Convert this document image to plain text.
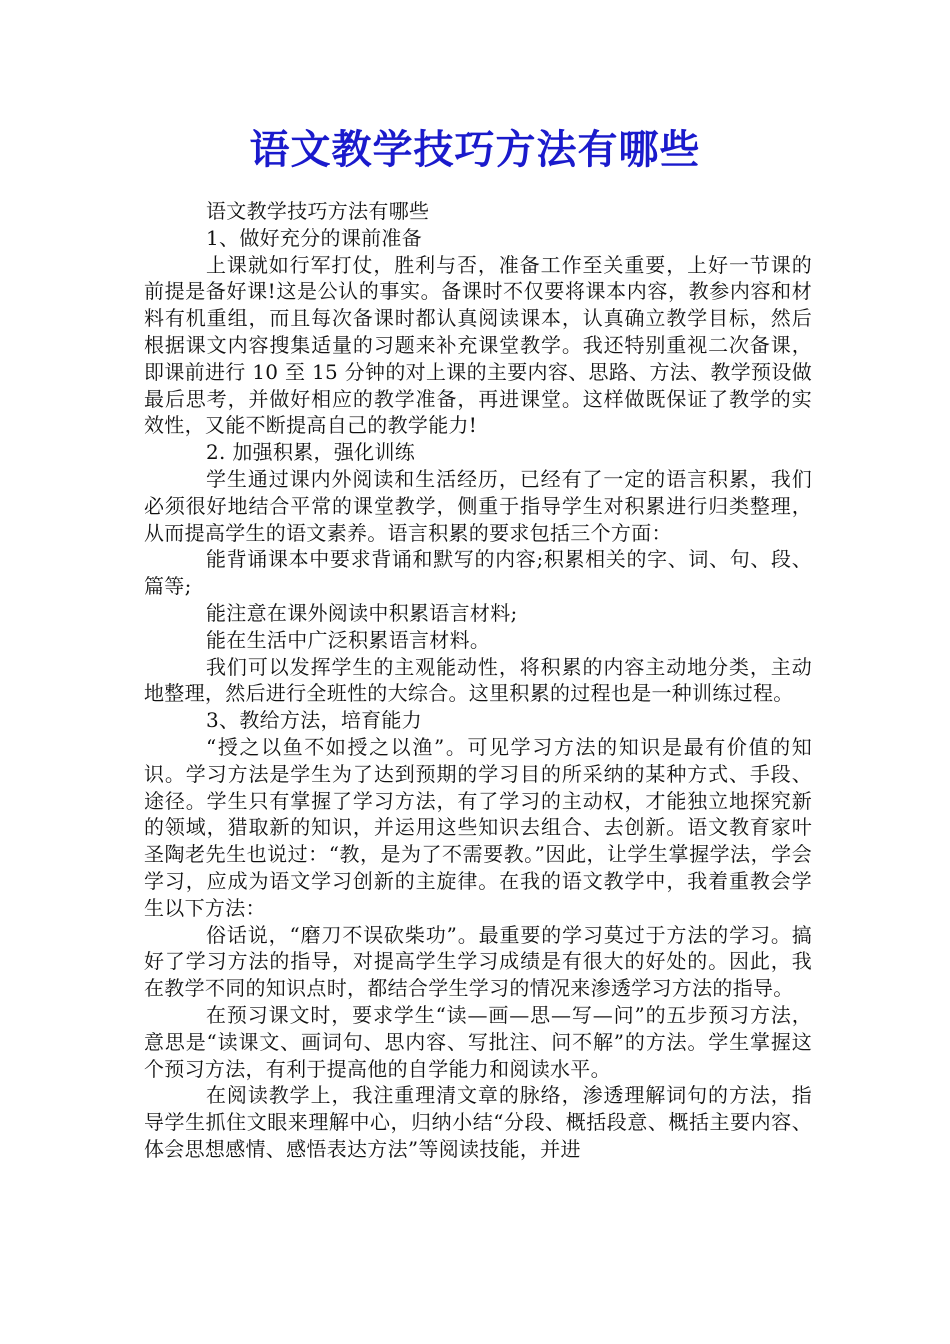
语文教学技巧方法有哪些

语文教学技巧方法有哪些

1、做好充分的课前准备

上课就如行军打仗，胜利与否，准备工作至关重要，上好一节课的前提是备好课!这是公认的事实。备课时不仅要将课本内容，教参内容和材料有机重组，而且每次备课时都认真阅读课本，认真确立教学目标，然后根据课文内容搜集适量的习题来补充课堂教学。我还特别重视二次备课，即课前进行 10 至 15 分钟的对上课的主要内容、思路、方法、教学预设做最后思考，并做好相应的教学准备，再进课堂。这样做既保证了教学的实效性，又能不断提高自己的教学能力!

2. 加强积累，强化训练

学生通过课内外阅读和生活经历，已经有了一定的语言积累，我们必须很好地结合平常的课堂教学，侧重于指导学生对积累进行归类整理，从而提高学生的语文素养。语言积累的要求包括三个方面：

能背诵课本中要求背诵和默写的内容;积累相关的字、词、句、段、篇等;

能注意在课外阅读中积累语言材料;

能在生活中广泛积累语言材料。

我们可以发挥学生的主观能动性，将积累的内容主动地分类，主动地整理，然后进行全班性的大综合。这里积累的过程也是一种训练过程。

3、教给方法，培育能力

“授之以鱼不如授之以渔”。可见学习方法的知识是最有价值的知识。学习方法是学生为了达到预期的学习目的所采纳的某种方式、手段、途径。学生只有掌握了学习方法，有了学习的主动权，才能独立地探究新的领域，猎取新的知识，并运用这些知识去组合、去创新。语文教育家叶圣陶老先生也说过：“教，是为了不需要教。”因此，让学生掌握学法，学会学习，应成为语文学习创新的主旋律。在我的语文教学中，我着重教会学生以下方法：

俗话说，“磨刀不误砍柴功”。最重要的学习莫过于方法的学习。搞好了学习方法的指导，对提高学生学习成绩是有很大的好处的。因此，我在教学不同的知识点时，都结合学生学习的情况来渗透学习方法的指导。

在预习课文时，要求学生“读—画—思—写—问”的五步预习方法，意思是“读课文、画词句、思内容、写批注、问不解”的方法。学生掌握这个预习方法，有利于提高他的自学能力和阅读水平。

在阅读教学上，我注重理清文章的脉络，渗透理解词句的方法，指导学生抓住文眼来理解中心，归纳小结“分段、概括段意、概括主要内容、体会思想感情、感悟表达方法”等阅读技能，并进
